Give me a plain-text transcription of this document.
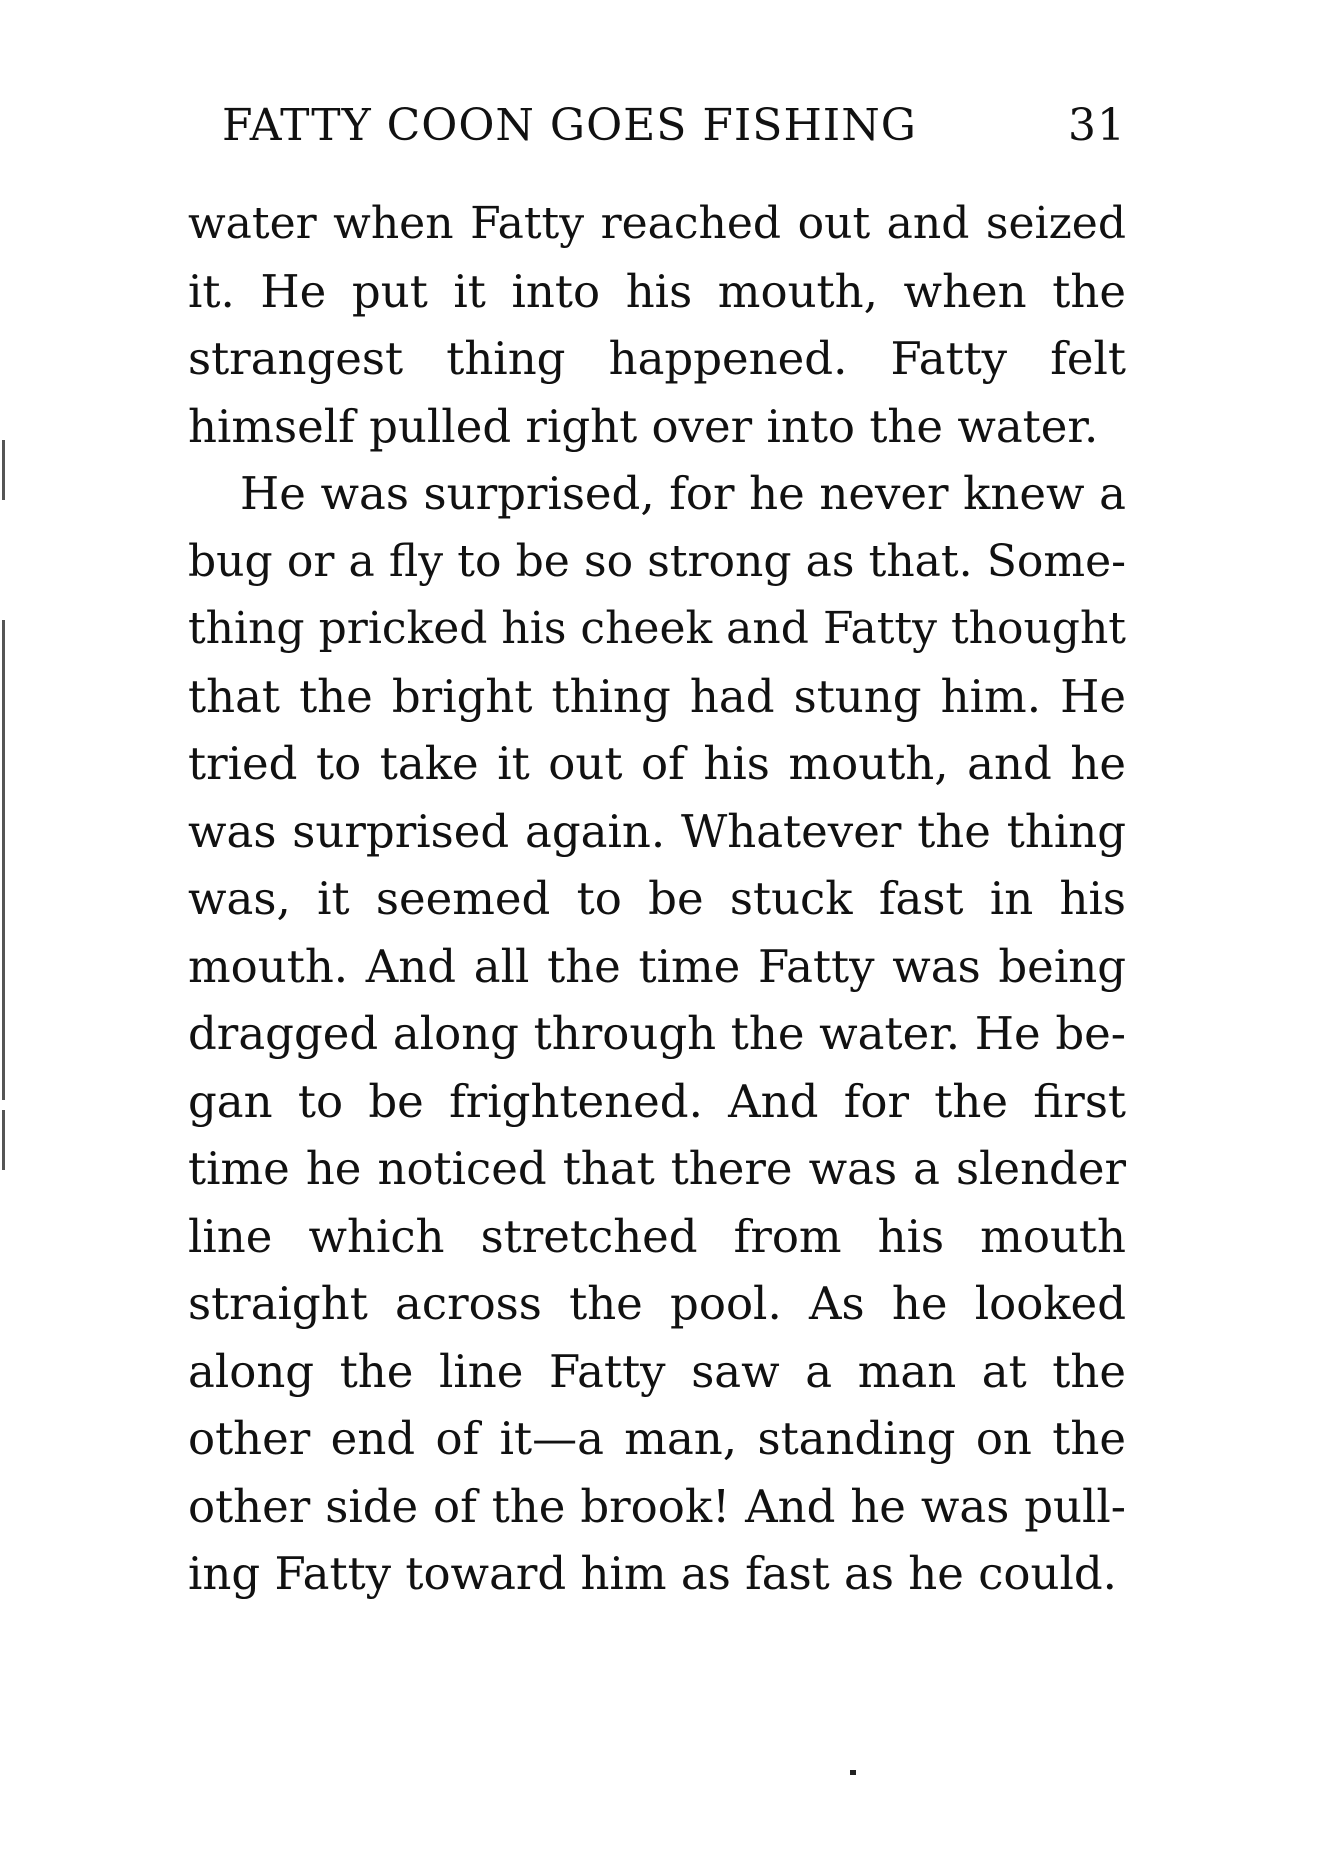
FATTY COON GOES FISHING	31
water when Fatty reached out and seized
it. He put it into his mouth, when the
strangest thing happened. Fatty felt
himself pulled right over into the water.
He was surprised, for he never knew a
bug or a fly to be so strong as that. Some-
thing pricked his cheek and Fatty thought
that the bright thing had stung him. He
tried to take it out of his mouth, and he
was surprised again. Whatever the thing
was, it seemed to be stuck fast in his
mouth. And all the time Fatty was being
dragged along through the water. He be-
gan to be frightened. And for the first
time he noticed that there was a slender
line which stretched from his mouth
straight across the pool. As he looked
along the line Fatty saw a man at the
other end of it—a man, standing on the
other side of the brook! And he was pull-
ing Fatty toward him as fast as he could.
